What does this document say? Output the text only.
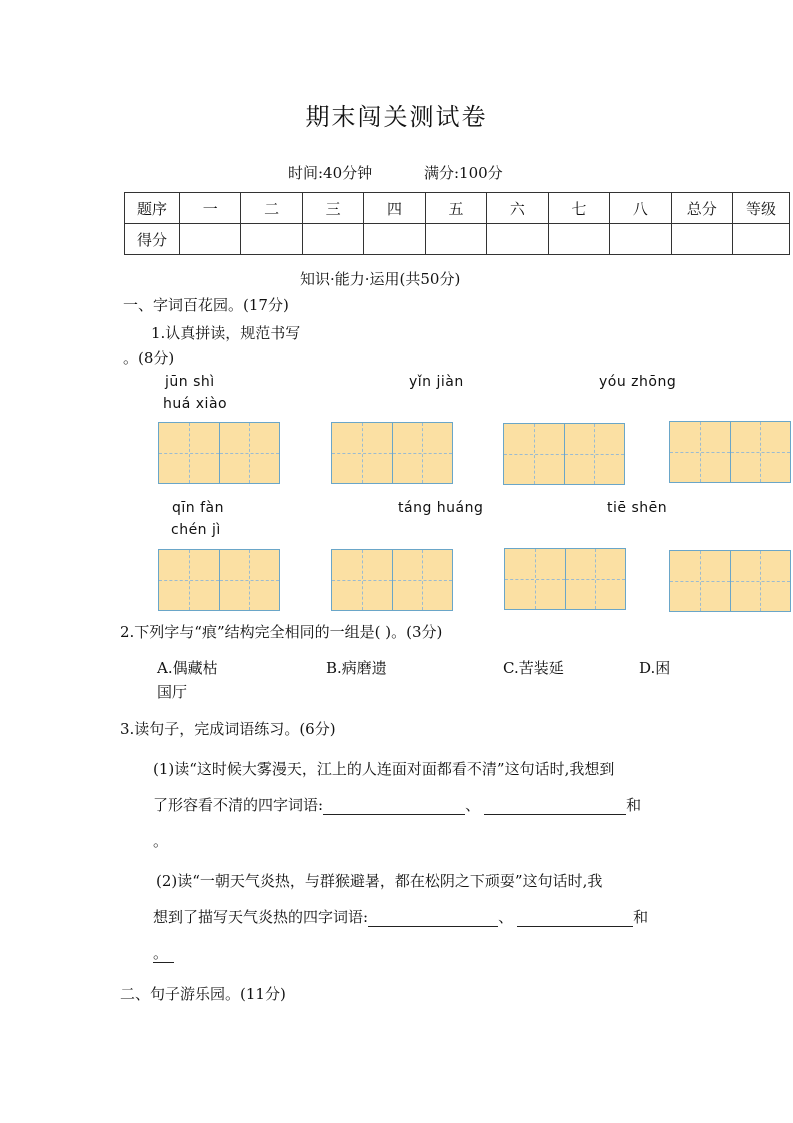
期末闯关测试卷
时间:40分钟	满分:100分
题序	一	二	三	四	五	六	七	八	总分	等级
得分										
知识·能力·运用(共50分)
一、字词百花园。(17分)
1.认真拼读，规范书写
。(8分)
jūn shì	yǐn jiàn	yóu zhōng
huá xiào
qīn fàn	táng huáng	tiē shēn
chén jì
2.下列字与“痕”结构完全相同的一组是( )。(3分)
A.偶藏枯	B.病磨遗	C.苦装延	D.困
国厅
3.读句子，完成词语练习。(6分)
(1)读“这时候大雾漫天，江上的人连面对面都看不清”这句话时,我想到
了形容看不清的四字词语:	、	和
。
(2)读“一朝天气炎热，与群猴避暑，都在松阴之下顽耍”这句话时,我
想到了描写天气炎热的四字词语:	、	和
。
二、句子游乐园。(11分)
